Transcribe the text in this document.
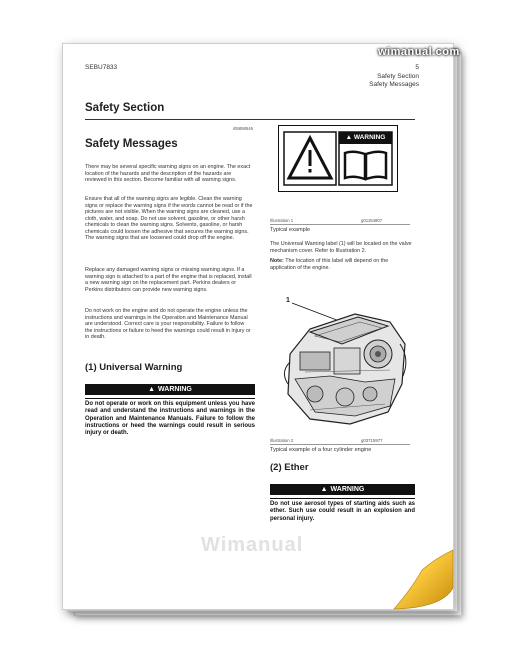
SEBU7833	5
Safety Section
Safety Messages
Safety Section
i05898546
Safety Messages
There may be several specific warning signs on an engine. The exact location of the hazards and the description of the hazards are reviewed in this section. Become familiar with all warning signs.
Ensure that all of the warning signs are legible. Clean the warning signs or replace the warning signs if the words cannot be read or if the pictures are not visible. When the warning signs are cleaned, use a cloth, water, and soap. Do not use solvent, gasoline, or other harsh chemicals to clean the warning signs. Solvents, gasoline, or harsh chemicals could loosen the adhesive that secures the warning signs. The warning signs that are loosened could drop off the engine.
Replace any damaged warning signs or missing warning signs. If a warning sign is attached to a part of the engine that is replaced, install a new warning sign on the replacement part. Perkins dealers or Perkins distributors can provide new warning signs.
Do not work on the engine and do not operate the engine unless the instructions and warnings in the Operation and Maintenance Manual are understood. Correct care is your responsibility. Failure to follow the instructions or failure to heed the warnings could result in injury or in death.
(1) Universal Warning
▲ WARNING
Do not operate or work on this equipment unless you have read and understand the instructions and warnings in the Operation and Maintenance Manuals. Failure to follow the instructions or heed the warnings could result in serious injury or death.
▲ WARNING
Illustration 1	g01154807
Typical example
The Universal Warning label (1) will be located on the valve mechanism cover. Refer to Illustration 2.
Note: The location of this label will depend on the application of the engine.
1
Illustration 2	g03715977
Typical example of a four cylinder engine
(2) Ether
▲ WARNING
Do not use aerosol types of starting aids such as ether. Such use could result in an explosion and personal injury.
Wimanual
wimanual.com
